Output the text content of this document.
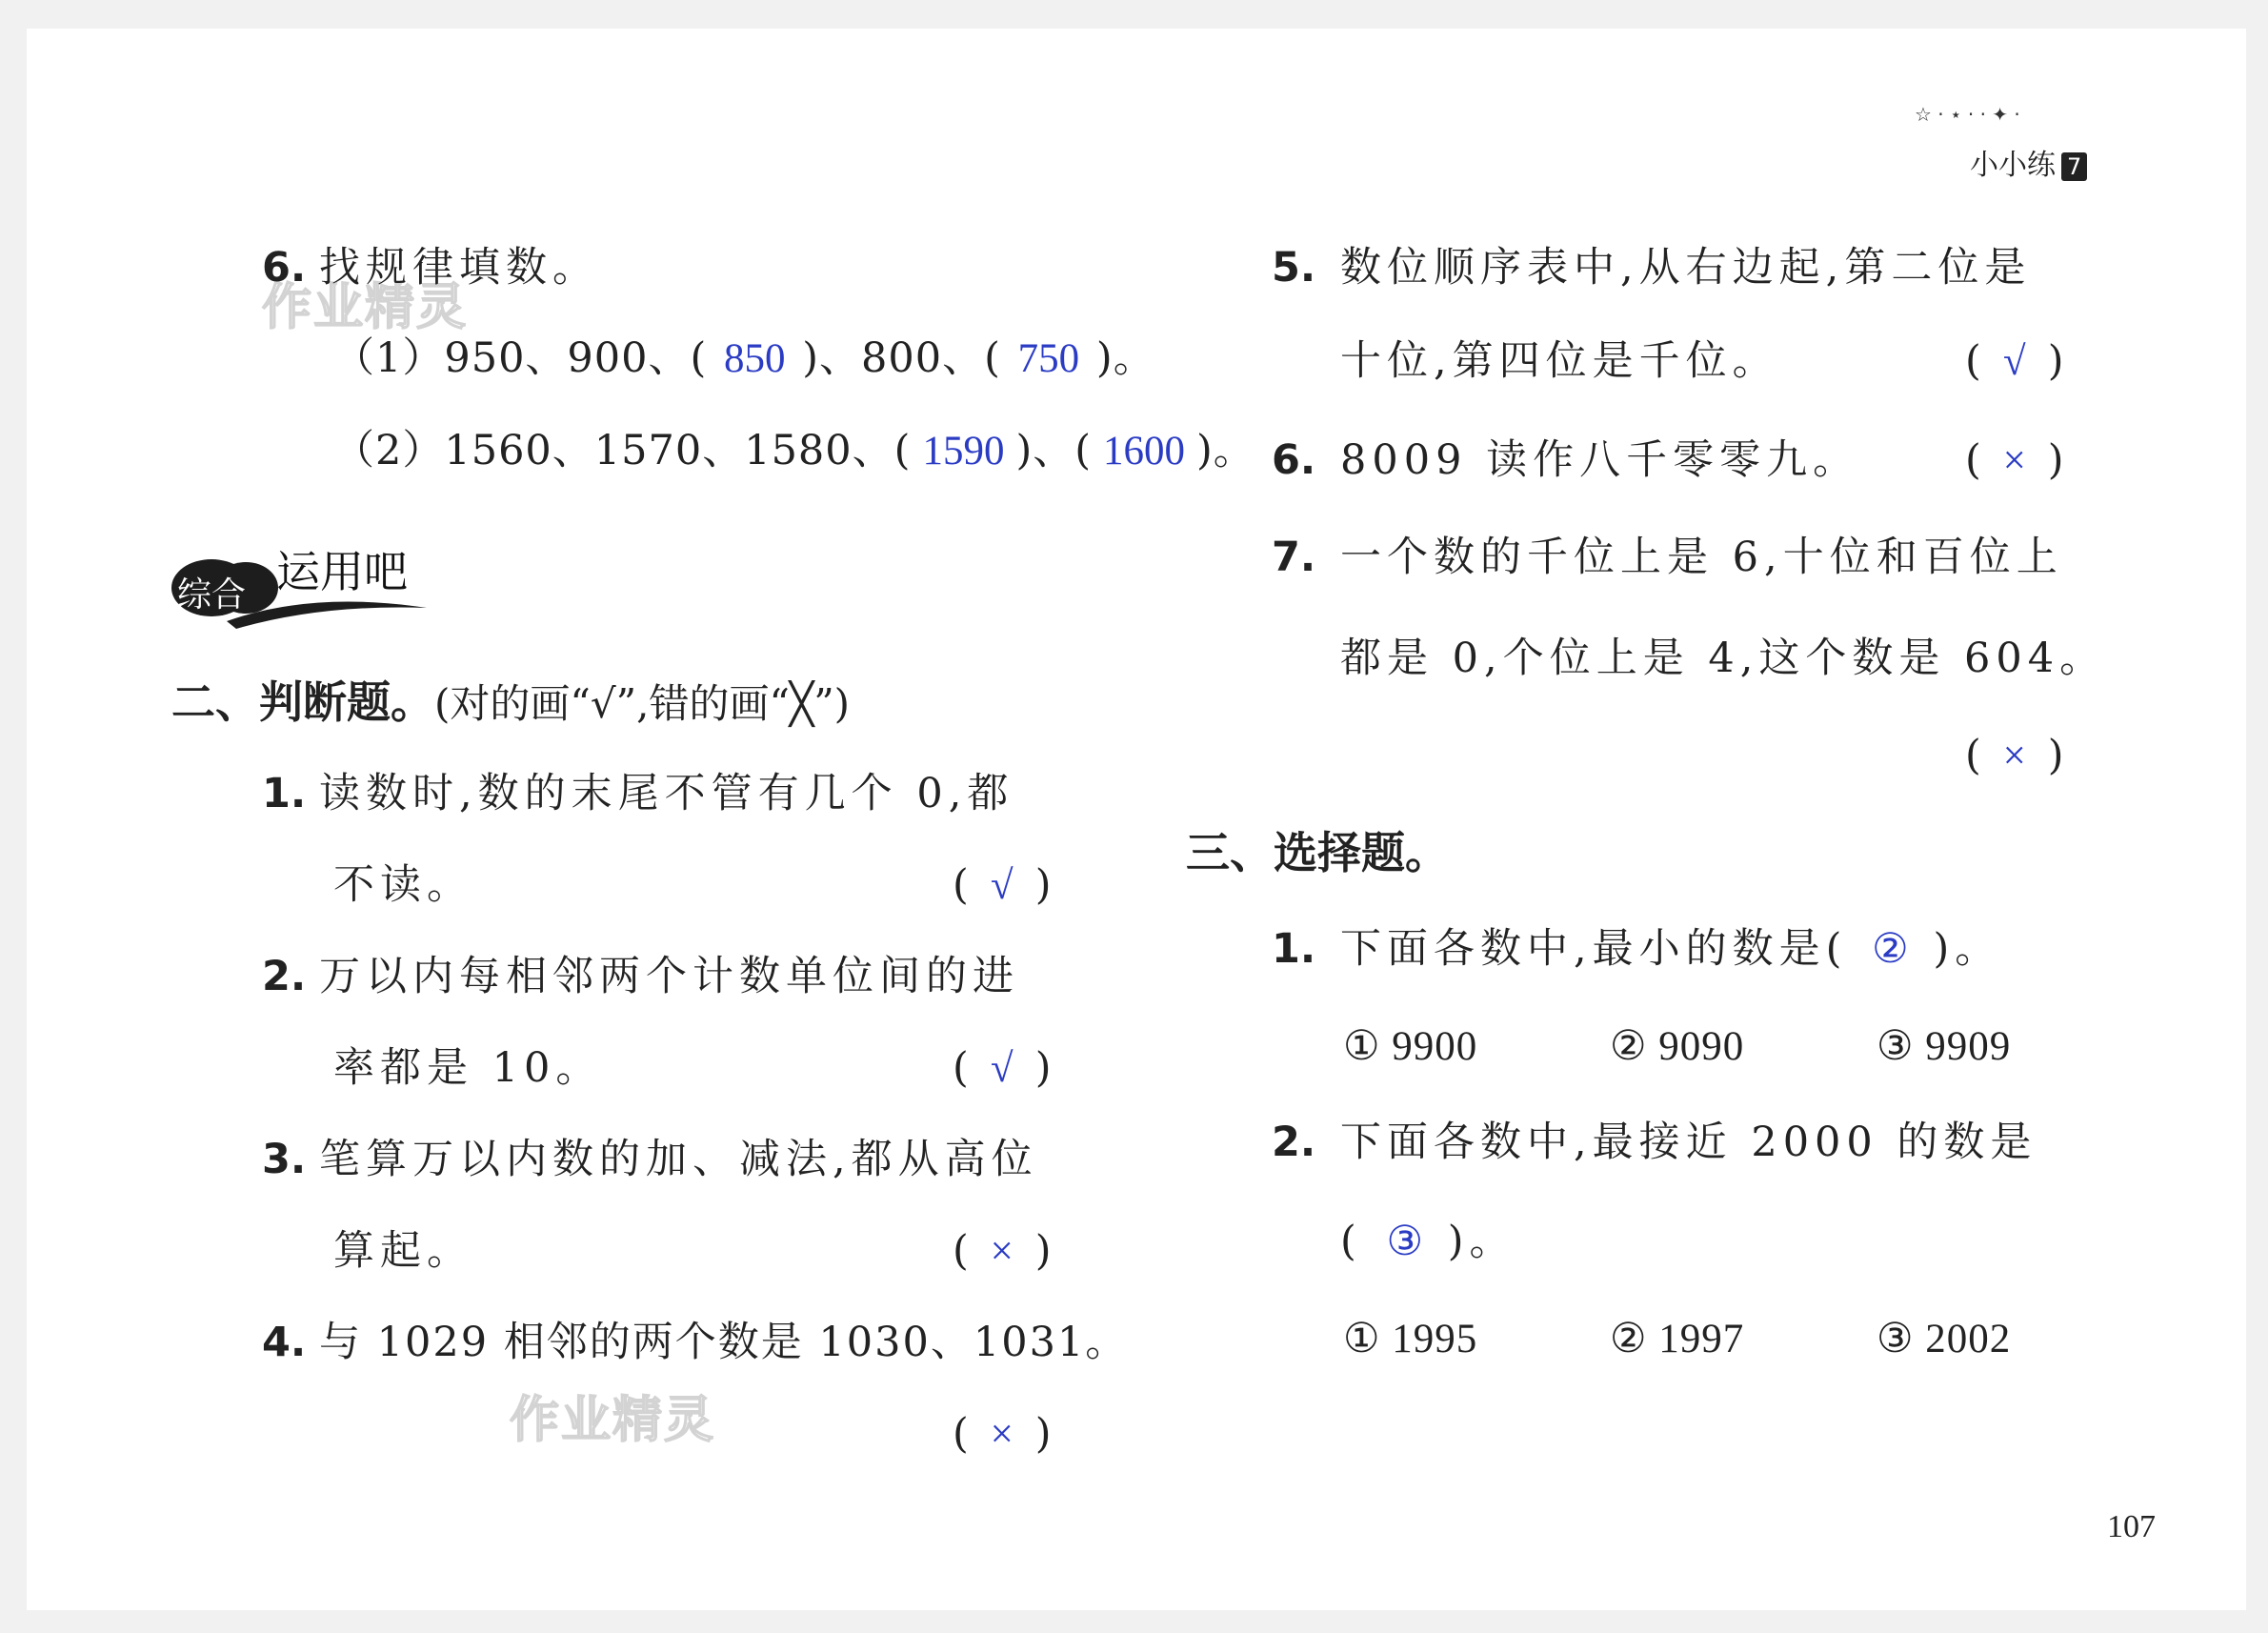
☆ · ⋆ · · ✦ ·
小小练 7
作业精灵
作业精灵
6. 找规律填数。
（1）950、900、( 850 )、800、( 750 )。
（2）1560、1570、1580、( 1590 )、( 1600 )。
综合 运用吧
二、判断题。(对的画“√”,错的画“╳”)
1. 读数时,数的末尾不管有几个 0,都
不读。	( √ )
2. 万以内每相邻两个计数单位间的进
率都是 10。	( √ )
3. 笔算万以内数的加、减法,都从高位
算起。	( × )
4. 与 1029 相邻的两个数是 1030、1031。
( × )
5. 数位顺序表中,从右边起,第二位是
十位,第四位是千位。	( √ )
6. 8009 读作八千零零九。	( × )
7. 一个数的千位上是 6,十位和百位上
都是 0,个位上是 4,这个数是 604。
( × )
三、选择题。
1. 下面各数中,最小的数是( ② )。
① 9900	② 9090	③ 9909
2. 下面各数中,最接近 2000 的数是
( ③ )。
① 1995	② 1997	③ 2002
107
